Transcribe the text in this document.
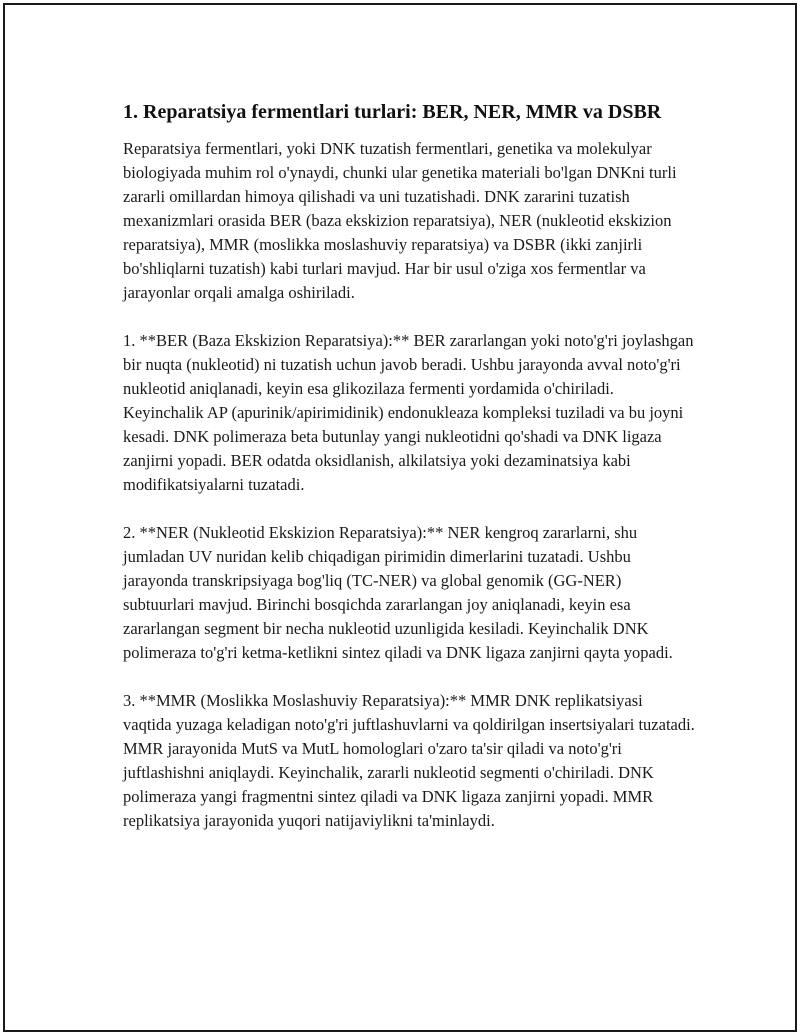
1. Reparatsiya fermentlari turlari: BER, NER, MMR va DSBR

Reparatsiya fermentlari, yoki DNK tuzatish fermentlari, genetika va molekulyar biologiyada muhim rol o'ynaydi, chunki ular genetika materiali bo'lgan DNKni turli zararli omillardan himoya qilishadi va uni tuzatishadi. DNK zararini tuzatish mexanizmlari orasida BER (baza ekskizion reparatsiya), NER (nukleotid ekskizion reparatsiya), MMR (moslikka moslashuviy reparatsiya) va DSBR (ikki zanjirli bo'shliqlarni tuzatish) kabi turlari mavjud. Har bir usul o'ziga xos fermentlar va jarayonlar orqali amalga oshiriladi.

1. **BER (Baza Ekskizion Reparatsiya):** BER zararlangan yoki noto'g'ri joylashgan bir nuqta (nukleotid) ni tuzatish uchun javob beradi. Ushbu jarayonda avval noto'g'ri nukleotid aniqlanadi, keyin esa glikozilaza fermenti yordamida o'chiriladi. Keyinchalik AP (apurinik/apirimidinik) endonukleaza kompleksi tuziladi va bu joyni kesadi. DNK polimeraza beta butunlay yangi nukleotidni qo'shadi va DNK ligaza zanjirni yopadi. BER odatda oksidlanish, alkilatsiya yoki dezaminatsiya kabi modifikatsiyalarni tuzatadi.

2. **NER (Nukleotid Ekskizion Reparatsiya):** NER kengroq zararlarni, shu jumladan UV nuridan kelib chiqadigan pirimidin dimerlarini tuzatadi. Ushbu jarayonda transkripsiyaga bog'liq (TC-NER) va global genomik (GG-NER) subtuurlari mavjud. Birinchi bosqichda zararlangan joy aniqlanadi, keyin esa zararlangan segment bir necha nukleotid uzunligida kesiladi. Keyinchalik DNK polimeraza to'g'ri ketma-ketlikni sintez qiladi va DNK ligaza zanjirni qayta yopadi.

3. **MMR (Moslikka Moslashuviy Reparatsiya):** MMR DNK replikatsiyasi vaqtida yuzaga keladigan noto'g'ri juftlashuvlarni va qoldirilgan insertsiyalari tuzatadi. MMR jarayonida MutS va MutL homologlari o'zaro ta'sir qiladi va noto'g'ri juftlashishni aniqlaydi. Keyinchalik, zararli nukleotid segmenti o'chiriladi. DNK polimeraza yangi fragmentni sintez qiladi va DNK ligaza zanjirni yopadi. MMR replikatsiya jarayonida yuqori natijaviylikni ta'minlaydi.
